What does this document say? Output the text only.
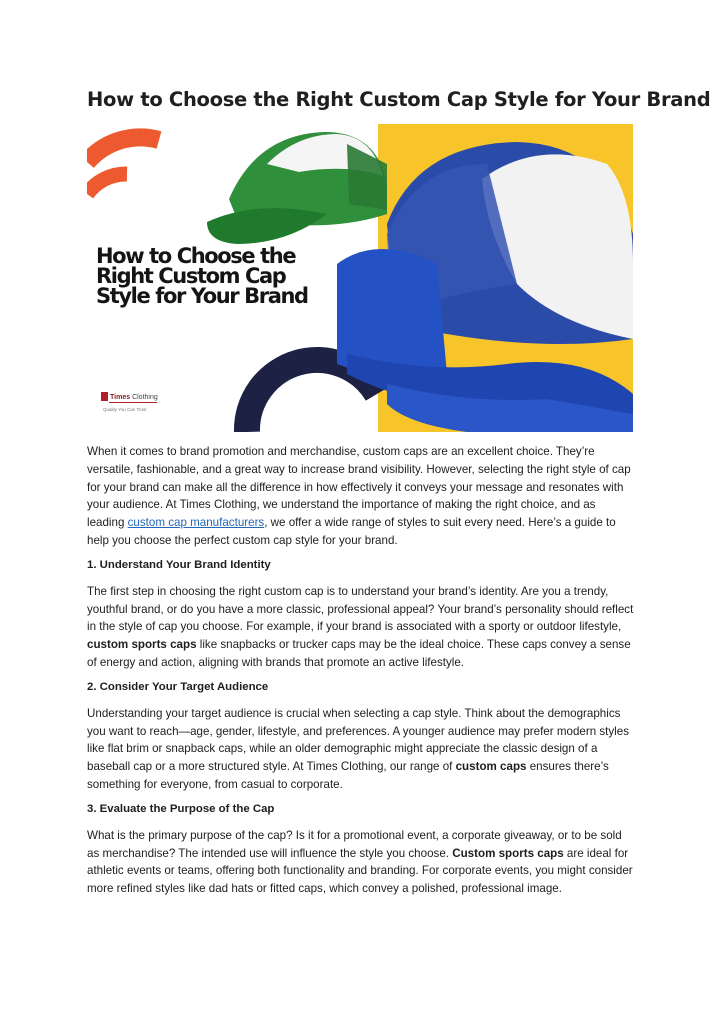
How to Choose the Right Custom Cap Style for Your Brand
How to Choose the
Right Custom Cap
Style for Your Brand
Times Clothing
Quality You Can Trust

When it comes to brand promotion and merchandise, custom caps are an excellent choice. They’re versatile, fashionable, and a great way to increase brand visibility. However, selecting the right style of cap for your brand can make all the difference in how effectively it conveys your message and resonates with your audience. At Times Clothing, we understand the importance of making the right choice, and as leading custom cap manufacturers, we offer a wide range of styles to suit every need. Here’s a guide to help you choose the perfect custom cap style for your brand.

1. Understand Your Brand Identity

The first step in choosing the right custom cap is to understand your brand’s identity. Are you a trendy, youthful brand, or do you have a more classic, professional appeal? Your brand’s personality should reflect in the style of cap you choose. For example, if your brand is associated with a sporty or outdoor lifestyle, custom sports caps like snapbacks or trucker caps may be the ideal choice. These caps convey a sense of energy and action, aligning with brands that promote an active lifestyle.

2. Consider Your Target Audience

Understanding your target audience is crucial when selecting a cap style. Think about the demographics you want to reach—age, gender, lifestyle, and preferences. A younger audience may prefer modern styles like flat brim or snapback caps, while an older demographic might appreciate the classic design of a baseball cap or a more structured style. At Times Clothing, our range of custom caps ensures there’s something for everyone, from casual to corporate.

3. Evaluate the Purpose of the Cap

What is the primary purpose of the cap? Is it for a promotional event, a corporate giveaway, or to be sold as merchandise? The intended use will influence the style you choose. Custom sports caps are ideal for athletic events or teams, offering both functionality and branding. For corporate events, you might consider more refined styles like dad hats or fitted caps, which convey a polished, professional image.
